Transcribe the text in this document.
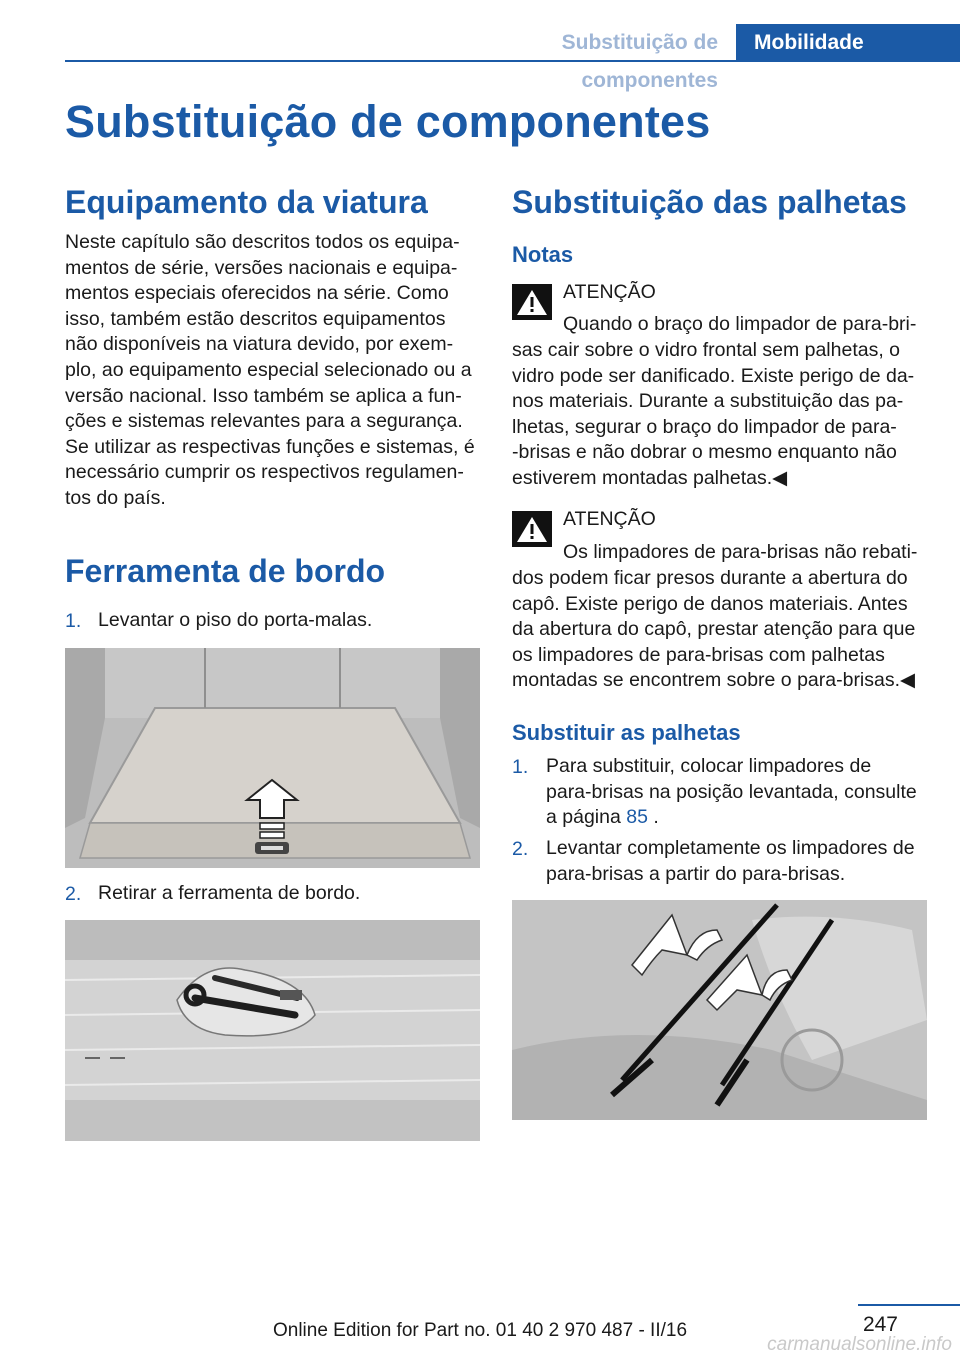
Substituição de componentes
Mobilidade
Substituição de componentes
Equipamento da viatura
Neste capítulo são descritos todos os equipa‐
mentos de série, versões nacionais e equipa‐
mentos especiais oferecidos na série. Como
isso, também estão descritos equipamentos
não disponíveis na viatura devido, por exem‐
plo, ao equipamento especial selecionado ou a
versão nacional. Isso também se aplica a fun‐
ções e sistemas relevantes para a segurança.
Se utilizar as respectivas funções e sistemas, é
necessário cumprir os respectivos regulamen‐
tos do país.
Ferramenta de bordo
1. Levantar o piso do porta-malas.
2. Retirar a ferramenta de bordo.
Substituição das palhetas
Notas
ATENÇÃO
Quando o braço do limpador de para-bri‐
sas cair sobre o vidro frontal sem palhetas, o
vidro pode ser danificado. Existe perigo de da‐
nos materiais. Durante a substituição das pa‐
lhetas, segurar o braço do limpador de para‐
-brisas e não dobrar o mesmo enquanto não
estiverem montadas palhetas.◀
ATENÇÃO
Os limpadores de para-brisas não rebati‐
dos podem ficar presos durante a abertura do
capô. Existe perigo de danos materiais. Antes
da abertura do capô, prestar atenção para que
os limpadores de para-brisas com palhetas
montadas se encontrem sobre o para-brisas.◀
Substituir as palhetas
1. Para substituir, colocar limpadores de
para-brisas na posição levantada, consulte
a página 85 .
2. Levantar completamente os limpadores de
para-brisas a partir do para-brisas.
247
Online Edition for Part no. 01 40 2 970 487 - II/16
carmanualsonline.info
